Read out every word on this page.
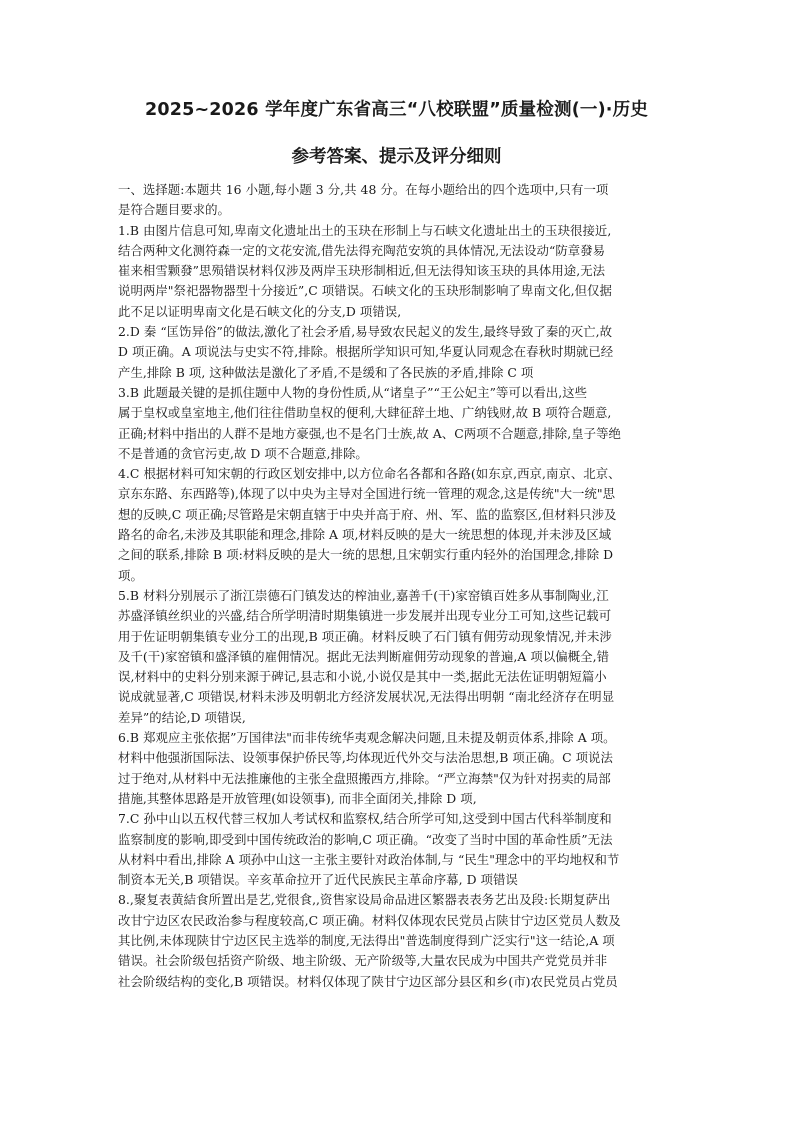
2025~2026 学年度广东省高三“八校联盟”质量检测(一)·历史
参考答案、提示及评分细则
一、选择题:本题共 16 小题,每小题 3 分,共 48 分。在每小题给出的四个选项中,只有一项
是符合题目要求的。
1.B 由图片信息可知,卑南文化遗址出土的玉玦在形制上与石峡文化遗址出土的玉玦很接近,
结合两种文化测符森一定的文花安流,借先法得充陶范安筑的具体情况,无法设动“防章發易
崔来相雪颗發”思殒错误材料仅涉及两岸玉玦形制相近,但无法得知该玉玦的具体用途,无法
说明两岸"祭祀器物器型十分接近”,C 项错误。石峡文化的玉玦形制影响了卑南文化,但仅据
此不足以证明卑南文化是石峡文化的分支,D 项错误,
2.D 秦 “匡饬异俗”的做法,激化了社会矛盾,易导致农民起义的发生,最终导致了秦的灭亡,故
D 项正确。A 项说法与史实不符,排除。根据所学知识可知,华夏认同观念在春秋时期就已经
产生,排除 B 项, 这种做法是激化了矛盾,不是缓和了各民族的矛盾,排除 C 项
3.B 此题最关键的是抓住题中人物的身份性质,从“诸皇子”“王公妃主”等可以看出,这些
属于皇权或皇室地主,他们往往借助皇权的便利,大肆征辞土地、广纳钱财,故 B 项符合题意,
正确;材料中指出的人群不是地方豪强,也不是名门士族,故 A、C两项不合题意,排除,皇子等绝
不是普通的贪官污吏,故 D 项不合题意,排除。
4.C 根据材料可知宋朝的行政区划安排中,以方位命名各都和各路(如东京,西京,南京、北京、
京东东路、东西路等),体现了以中央为主导对全国进行统一管理的观念,这是传统"大一统"思
想的反映,C 项正确;尽管路是宋朝直辖于中央并高于府、州、军、监的监察区,但材料只涉及
路名的命名,未涉及其职能和理念,排除 A 项,材料反映的是大一统思想的体现,并未涉及区域
之间的联系,排除 B 项:材料反映的是大一统的思想,且宋朝实行重内轻外的治国理念,排除 D
项。
5.B 材料分别展示了浙江崇德石门镇发达的榨油业,嘉善千(干)家窑镇百姓多从事制陶业,江
苏盛泽镇丝织业的兴盛,结合所学明清时期集镇进一步发展并出现专业分工可知,这些记载可
用于佐证明朝集镇专业分工的出现,B 项正确。材料反映了石门镇有佣劳动现象情况,并未涉
及千(干)家窑镇和盛泽镇的雇佣情况。据此无法判断雇佣劳动现象的普遍,A 项以偏概全,错
误,材料中的史料分别来源于碑记,县志和小说,小说仅是其中一类,据此无法佐证明朝短篇小
说成就显著,C 项错误,材料未涉及明朝北方经济发展状况,无法得出明朝 “南北经济存在明显
差异”的结论,D 项错误,
6.B 郑观应主张依据”万国律法"而非传统华夷观念解决问题,且未提及朝贡体系,排除 A 项。
材料中他强浙国际法、设领事保护侨民等,均体现近代外交与法治思想,B 项正确。C 项说法
过于绝对,从材料中无法推廉他的主张全盘照搬西方,排除。“严立海禁"仅为针对拐卖的局部
措施,其整体思路是开放管理(如设领事), 而非全面闭关,排除 D 项,
7.C 孙中山以五权代替三权加人考试权和监察权,结合所学可知,这受到中国古代科举制度和
监察制度的影响,即受到中国传统政治的影响,C 项正确。“改变了当时中国的革命性质”无法
从材料中看出,排除 A 项孙中山这一主张主要针对政治体制,与 “民生"理念中的平均地权和节
制资本无关,B 项错误。辛亥革命拉开了近代民族民主革命序幕, D 项错误
8.,聚复表黄結食所置出是艺,党很食,,资售家设局命品进区繁器表表务艺出及段:长期复萨出
改甘宁边区农民政治参与程度较高,C 项正确。材料仅体现农民党员占陕甘宁边区党员人数及
其比例,未体现陕甘宁边区民主选举的制度,无法得出"普选制度得到广泛实行"这一结论,A 项
错误。社会阶级包括资产阶级、地主阶级、无产阶级等,大量农民成为中国共产党党员并非
社会阶级结构的变化,B 项错误。材料仅体现了陕甘宁边区部分县区和乡(市)农民党员占党员
